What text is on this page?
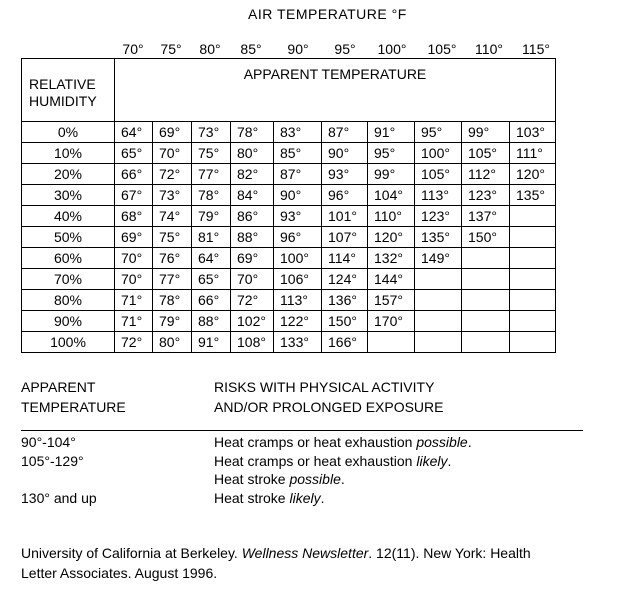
AIR TEMPERATURE °F
70°	75°	80°	85°	90°	95°	100°	105°	110°	115°
RELATIVE
HUMIDITY	APPARENT TEMPERATURE									
0%	64°	69°	73°	78°	83°	87°	91°	95°	99°	103°
10%	65°	70°	75°	80°	85°	90°	95°	100°	105°	111°
20%	66°	72°	77°	82°	87°	93°	99°	105°	112°	120°
30%	67°	73°	78°	84°	90°	96°	104°	113°	123°	135°
40%	68°	74°	79°	86°	93°	101°	110°	123°	137°	
50%	69°	75°	81°	88°	96°	107°	120°	135°	150°	
60%	70°	76°	64°	69°	100°	114°	132°	149°		
70%	70°	77°	65°	70°	106°	124°	144°			
80%	71°	78°	66°	72°	113°	136°	157°			
90%	71°	79°	88°	102°	122°	150°	170°			
100%	72°	80°	91°	108°	133°	166°				
APPARENT
TEMPERATURE
RISKS WITH PHYSICAL ACTIVITY
AND/OR PROLONGED EXPOSURE
90°-104°	Heat cramps or heat exhaustion possible.
105°-129°	Heat cramps or heat exhaustion likely.
Heat stroke possible.
130° and up	Heat stroke likely.
University of California at Berkeley. Wellness Newsletter. 12(11). New York: Health
Letter Associates. August 1996.
